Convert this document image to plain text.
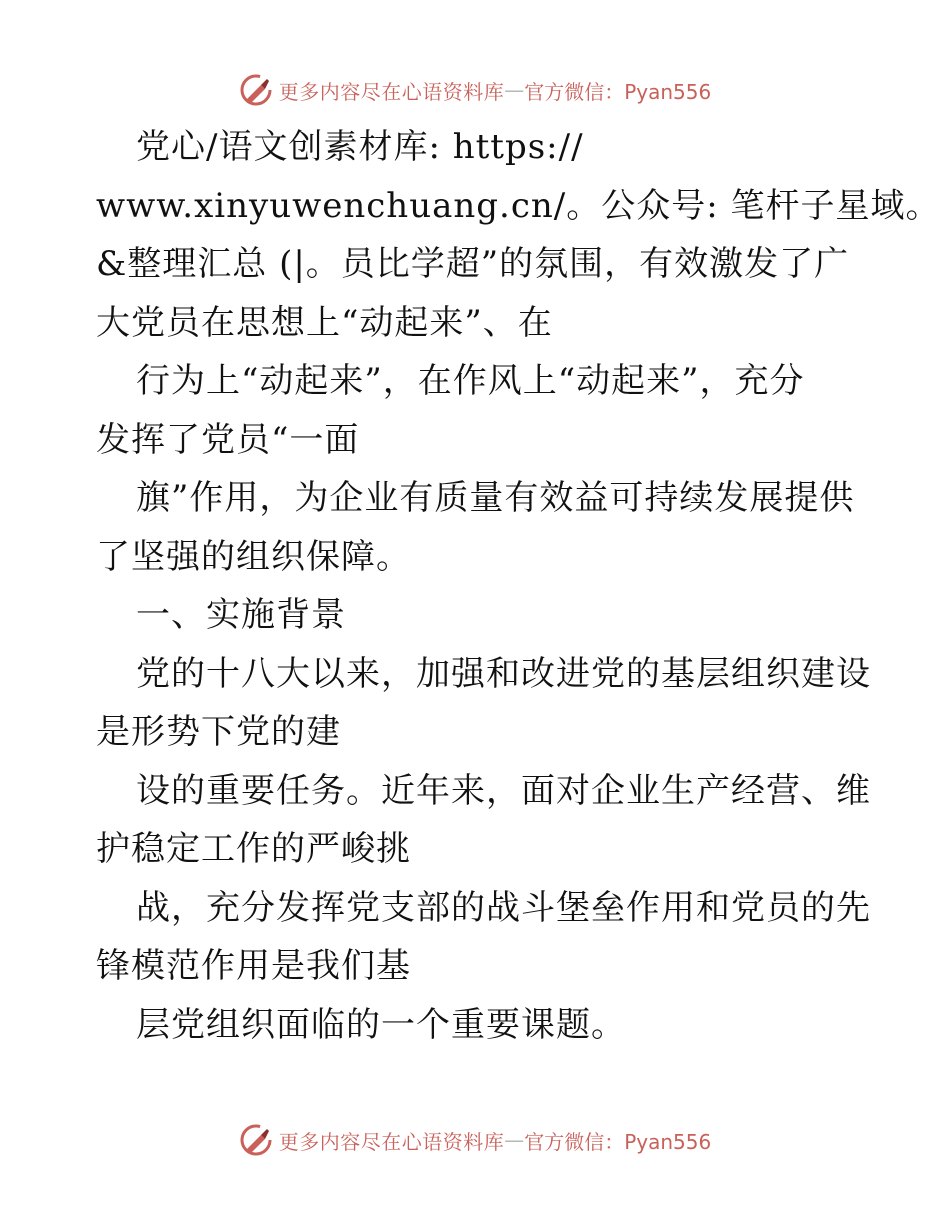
更多内容尽在心语资料库 — 官方微信：Pyan556

党心/语文创素材库: https://

www.xinyuwenchuang.cn/。公众号: 笔杆子星域。

&整理汇总 (|。员比学超”的氛围，有效激发了广

大党员在思想上“动起来”、在

行为上“动起来”，在作风上“动起来”，充分

发挥了党员“一面

旗”作用，为企业有质量有效益可持续发展提供

了坚强的组织保障。

一、实施背景

党的十八大以来，加强和改进党的基层组织建设

是形势下党的建

设的重要任务。近年来，面对企业生产经营、维

护稳定工作的严峻挑

战，充分发挥党支部的战斗堡垒作用和党员的先

锋模范作用是我们基

层党组织面临的一个重要课题。

更多内容尽在心语资料库 — 官方微信：Pyan556
